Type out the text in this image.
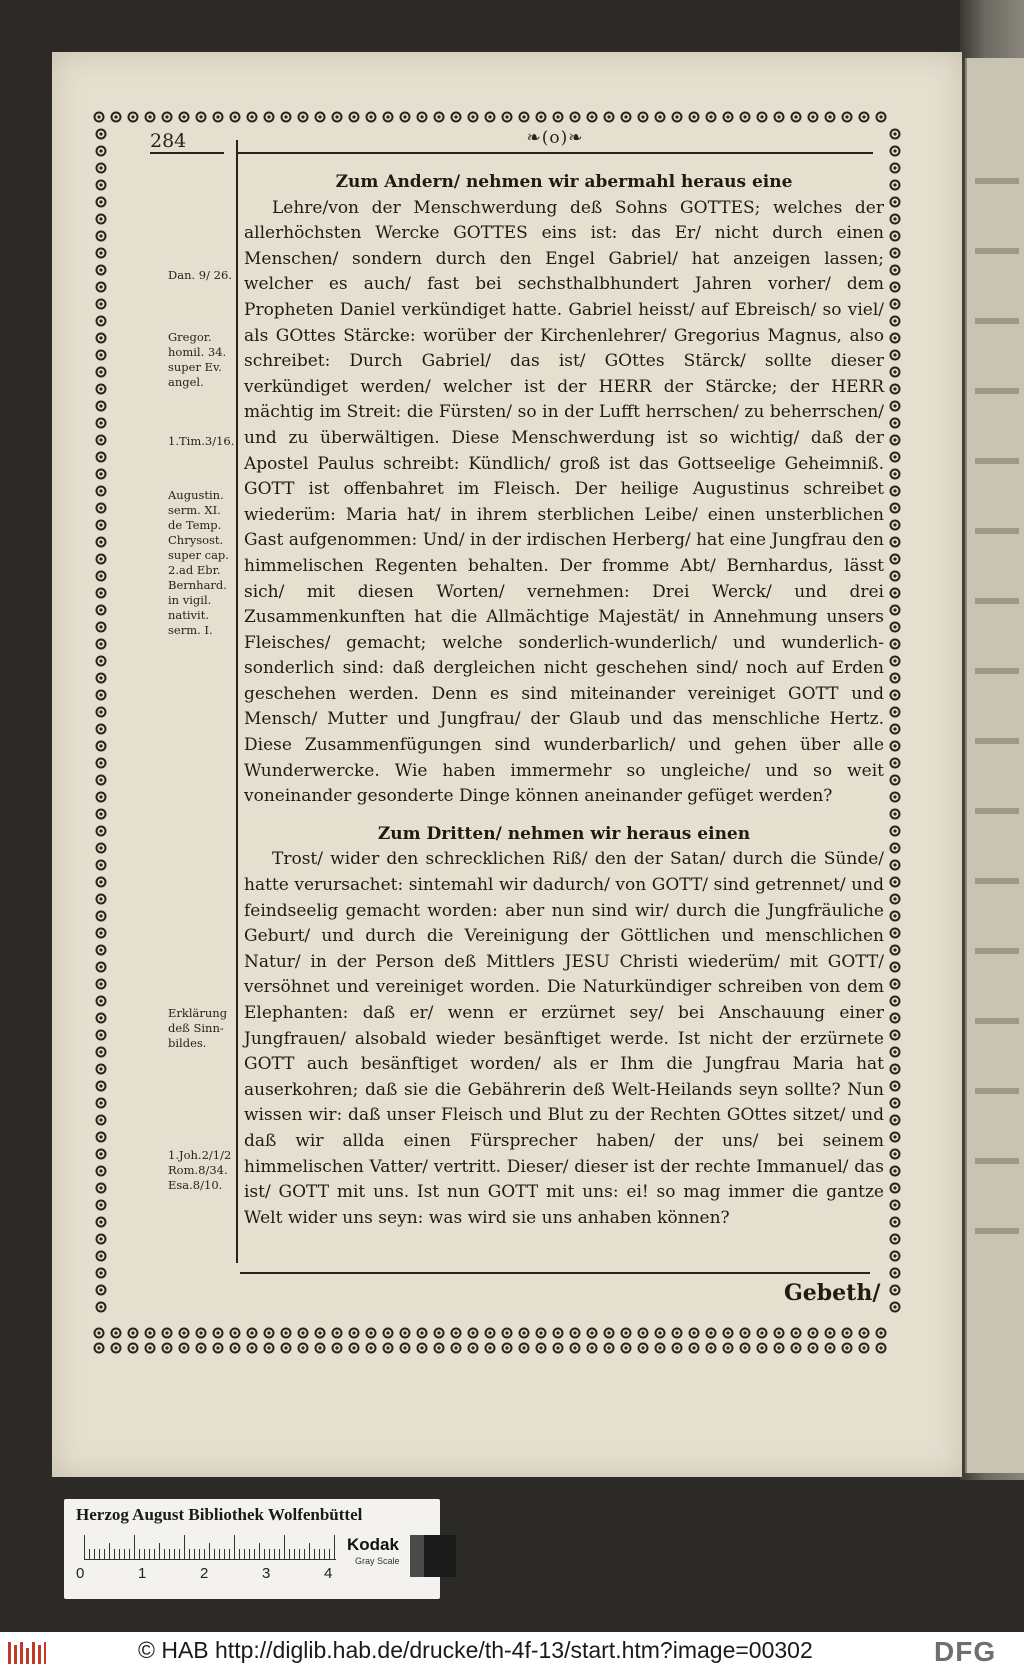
284	❧(o)❧
Dan. 9/ 26.
Gregor.
homil. 34.
super Ev.
angel.
1.Tim.3/16.
Augustin.
serm. XI.
de Temp.
Chrysost.
super cap.
2.ad Ebr.
Bernhard.
in vigil.
nativit.
serm. I.
Erklärung
deß Sinn-
bildes.
1.Joh.2/1/2
Rom.8/34.
Esa.8/10.

Zum Andern/ nehmen wir abermahl heraus eine

Lehre/von der Menschwerdung deß Sohns GOTTES; welches der allerhöchsten Wercke GOTTES eins ist: das Er/ nicht durch einen Menschen/ sondern durch den Engel Gabriel/ hat anzeigen lassen; welcher es auch/ fast bei sechsthalbhundert Jahren vorher/ dem Propheten Daniel verkündiget hatte. Gabriel heisst/ auf Ebreisch/ so viel/ als GOttes Stärcke: worüber der Kirchenlehrer/ Gregorius Magnus, also schreibet: Durch Gabriel/ das ist/ GOttes Stärck/ sollte dieser verkündiget werden/ welcher ist der HERR der Stärcke; der HERR mächtig im Streit: die Fürsten/ so in der Lufft herrschen/ zu beherrschen/ und zu überwältigen. Diese Menschwerdung ist so wichtig/ daß der Apostel Paulus schreibt: Kündlich/ groß ist das Gottseelige Geheimniß. GOTT ist offenbahret im Fleisch. Der heilige Augustinus schreibet wiederüm: Maria hat/ in ihrem sterblichen Leibe/ einen unsterblichen Gast aufgenommen: Und/ in der irdischen Herberg/ hat eine Jungfrau den himmelischen Regenten behalten. Der fromme Abt/ Bernhardus, lässt sich/ mit diesen Worten/ vernehmen: Drei Werck/ und drei Zusammenkunften hat die Allmächtige Majestät/ in Annehmung unsers Fleisches/ gemacht; welche sonderlich-wunderlich/ und wunderlich-sonderlich sind: daß dergleichen nicht geschehen sind/ noch auf Erden geschehen werden. Denn es sind miteinander vereiniget GOTT und Mensch/ Mutter und Jungfrau/ der Glaub und das menschliche Hertz. Diese Zusammenfügungen sind wunderbarlich/ und gehen über alle Wunderwercke. Wie haben immermehr so ungleiche/ und so weit voneinander gesonderte Dinge können aneinander gefüget werden?

Zum Dritten/ nehmen wir heraus einen

Trost/ wider den schrecklichen Riß/ den der Satan/ durch die Sünde/ hatte verursachet: sintemahl wir dadurch/ von GOTT/ sind getrennet/ und feindseelig gemacht worden: aber nun sind wir/ durch die Jungfräuliche Geburt/ und durch die Vereinigung der Göttlichen und menschlichen Natur/ in der Person deß Mittlers JESU Christi wiederüm/ mit GOTT/ versöhnet und vereiniget worden. Die Naturkündiger schreiben von dem Elephanten: daß er/ wenn er erzürnet sey/ bei Anschauung einer Jungfrauen/ alsobald wieder besänftiget werde. Ist nicht der erzürnete GOTT auch besänftiget worden/ als er Ihm die Jungfrau Maria hat auserkohren; daß sie die Gebährerin deß Welt-Heilands seyn sollte? Nun wissen wir: daß unser Fleisch und Blut zu der Rechten GOttes sitzet/ und daß wir allda einen Fürsprecher haben/ der uns/ bei seinem himmelischen Vatter/ vertritt. Dieser/ dieser ist der rechte Immanuel/ das ist/ GOTT mit uns. Ist nun GOTT mit uns: ei! so mag immer die gantze Welt wider uns seyn: was wird sie uns anhaben können?

Gebeth/
Herzog August Bibliothek Wolfenbüttel
0	1	2	3	4
Kodak
Gray Scale
© HAB http://diglib.hab.de/drucke/th-4f-13/start.htm?image=00302	DFG
